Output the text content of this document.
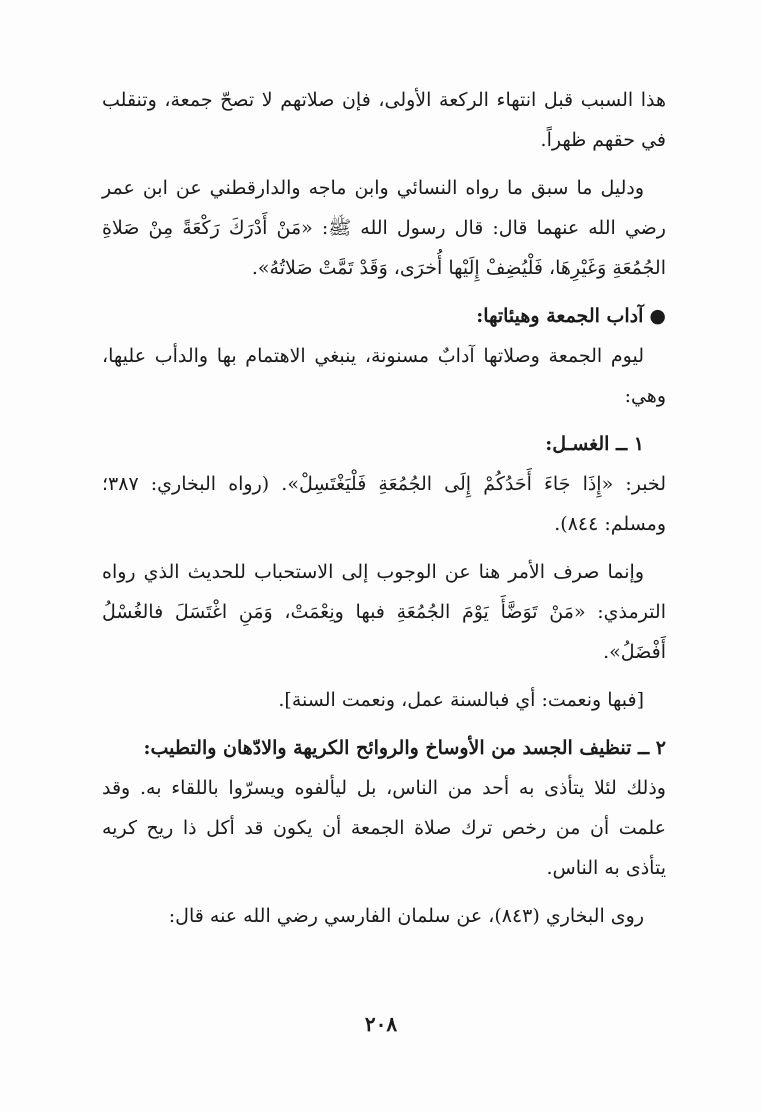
هذا السبب قبل انتهاء الركعة الأولى، فإن صلاتهم لا تصحّ جمعة، وتنقلب في حقهم ظهراً.

ودليل ما سبق ما رواه النسائي وابن ماجه والدارقطني عن ابن عمر رضي الله عنهما قال: قال رسول الله ﷺ: «مَنْ أَدْرَكَ رَكْعَةً مِنْ صَلاةِ الجُمُعَةِ وَغَيْرِهَا، فَلْيُضِفْ إِلَيْها أُخرَى، وَقَدْ تَمَّتْ صَلاتُهُ».

●آداب الجمعة وهيئاتها:

ليوم الجمعة وصلاتها آدابٌ مسنونة، ينبغي الاهتمام بها والدأب عليها، وهي:

١ ــ الغسـل:

لخبر: «إِذَا جَاءَ أَحَدُكُمْ إِلَى الجُمُعَةِ فَلْيَغْتَسِلْ». (رواه البخاري: ٣٨٧؛ ومسلم: ٨٤٤).

وإنما صرف الأمر هنا عن الوجوب إلى الاستحباب للحديث الذي رواه الترمذي: «مَنْ تَوَضَّأَ يَوْمَ الجُمُعَةِ فبها ونِعْمَتْ، وَمَنِ اغْتَسَلَ فالغُسْلُ أَفْضَلُ».

[فبها ونعمت: أي فبالسنة عمل، ونعمت السنة].

٢ ــ تنظيف الجسد من الأوساخ والروائح الكريهة والادّهان والتطيب:

وذلك لئلا يتأذى به أحد من الناس، بل ليألفوه ويسرّوا باللقاء به. وقد علمت أن من رخص ترك صلاة الجمعة أن يكون قد أكل ذا ريح كريه يتأذى به الناس.

روى البخاري (٨٤٣)، عن سلمان الفارسي رضي الله عنه قال:

٢٠٨
